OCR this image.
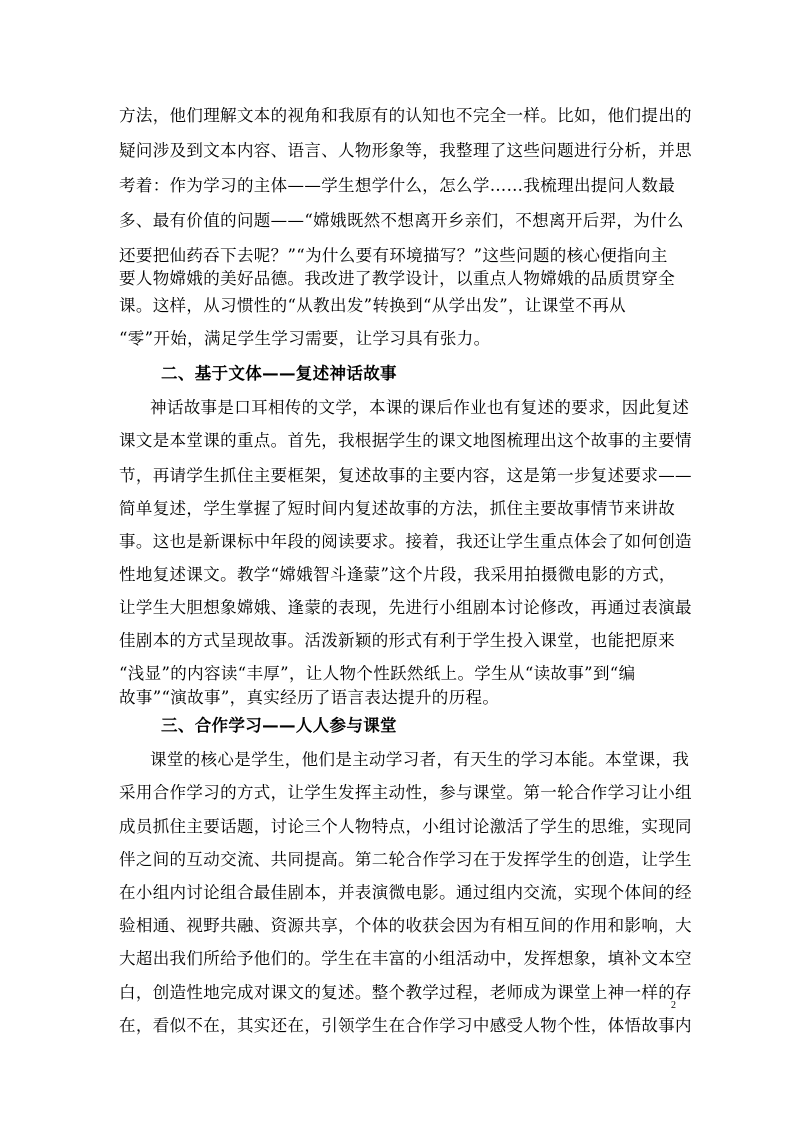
方法，他们理解文本的视角和我原有的认知也不完全一样。比如，他们提出的
疑问涉及到文本内容、语言、人物形象等，我整理了这些问题进行分析，并思
考着：作为学习的主体——学生想学什么，怎么学……我梳理出提问人数最
多、最有价值的问题——“嫦娥既然不想离开乡亲们，不想离开后羿，为什么
还要把仙药吞下去呢？”“为什么要有环境描写？”这些问题的核心便指向主
要人物嫦娥的美好品德。我改进了教学设计，以重点人物嫦娥的品质贯穿全
课。这样，从习惯性的“从教出发”转换到“从学出发”，让课堂不再从
“零”开始，满足学生学习需要，让学习具有张力。
二、基于文体——复述神话故事
神话故事是口耳相传的文学，本课的课后作业也有复述的要求，因此复述
课文是本堂课的重点。首先，我根据学生的课文地图梳理出这个故事的主要情
节，再请学生抓住主要框架，复述故事的主要内容，这是第一步复述要求——
简单复述，学生掌握了短时间内复述故事的方法，抓住主要故事情节来讲故
事。这也是新课标中年段的阅读要求。接着，我还让学生重点体会了如何创造
性地复述课文。教学“嫦娥智斗逢蒙”这个片段，我采用拍摄微电影的方式，
让学生大胆想象嫦娥、逢蒙的表现，先进行小组剧本讨论修改，再通过表演最
佳剧本的方式呈现故事。活泼新颖的形式有利于学生投入课堂，也能把原来
“浅显”的内容读“丰厚”，让人物个性跃然纸上。学生从“读故事”到“编
故事”“演故事”，真实经历了语言表达提升的历程。
三、合作学习——人人参与课堂
课堂的核心是学生，他们是主动学习者，有天生的学习本能。本堂课，我
采用合作学习的方式，让学生发挥主动性，参与课堂。第一轮合作学习让小组
成员抓住主要话题，讨论三个人物特点，小组讨论激活了学生的思维，实现同
伴之间的互动交流、共同提高。第二轮合作学习在于发挥学生的创造，让学生
在小组内讨论组合最佳剧本，并表演微电影。通过组内交流，实现个体间的经
验相通、视野共融、资源共享，个体的收获会因为有相互间的作用和影响，大
大超出我们所给予他们的。学生在丰富的小组活动中，发挥想象，填补文本空
白，创造性地完成对课文的复述。整个教学过程，老师成为课堂上神一样的存
在，看似不在，其实还在，引领学生在合作学习中感受人物个性，体悟故事内
2
